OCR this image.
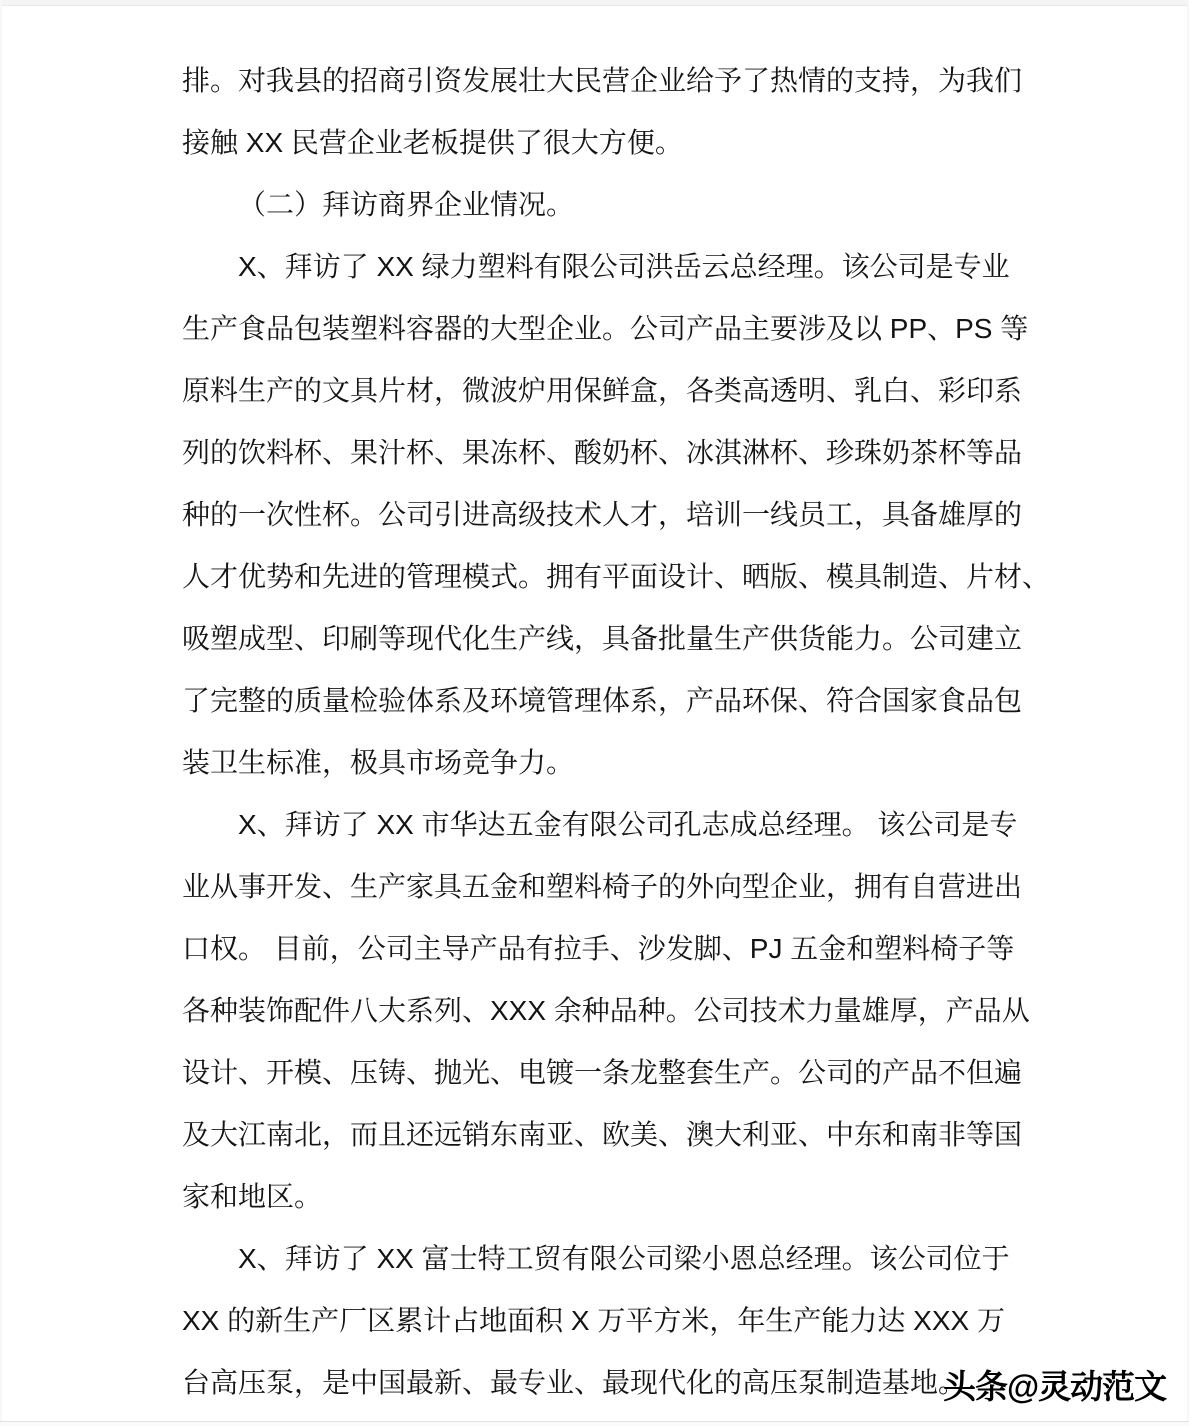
排。对我县的招商引资发展壮大民营企业给予了热情的支持，为我们
接触 XX 民营企业老板提供了很大方便。
（二）拜访商界企业情况。
X、拜访了 XX 绿力塑料有限公司洪岳云总经理。该公司是专业
生产食品包装塑料容器的大型企业。公司产品主要涉及以 PP、PS 等
原料生产的文具片材，微波炉用保鲜盒，各类高透明、乳白、彩印系
列的饮料杯、果汁杯、果冻杯、酸奶杯、冰淇淋杯、珍珠奶茶杯等品
种的一次性杯。公司引进高级技术人才，培训一线员工，具备雄厚的
人才优势和先进的管理模式。拥有平面设计、晒版、模具制造、片材、
吸塑成型、印刷等现代化生产线，具备批量生产供货能力。公司建立
了完整的质量检验体系及环境管理体系，产品环保、符合国家食品包
装卫生标准，极具市场竞争力。
X、拜访了 XX 市华达五金有限公司孔志成总经理。 该公司是专
业从事开发、生产家具五金和塑料椅子的外向型企业，拥有自营进出
口权。 目前，公司主导产品有拉手、沙发脚、PJ 五金和塑料椅子等
各种装饰配件八大系列、XXX 余种品种。公司技术力量雄厚，产品从
设计、开模、压铸、抛光、电镀一条龙整套生产。公司的产品不但遍
及大江南北，而且还远销东南亚、欧美、澳大利亚、中东和南非等国
家和地区。
X、拜访了 XX 富士特工贸有限公司梁小恩总经理。该公司位于
XX 的新生产厂区累计占地面积 X 万平方米，年生产能力达 XXX 万
台高压泵，是中国最新、最专业、最现代化的高压泵制造基地。
头条@灵动范文
